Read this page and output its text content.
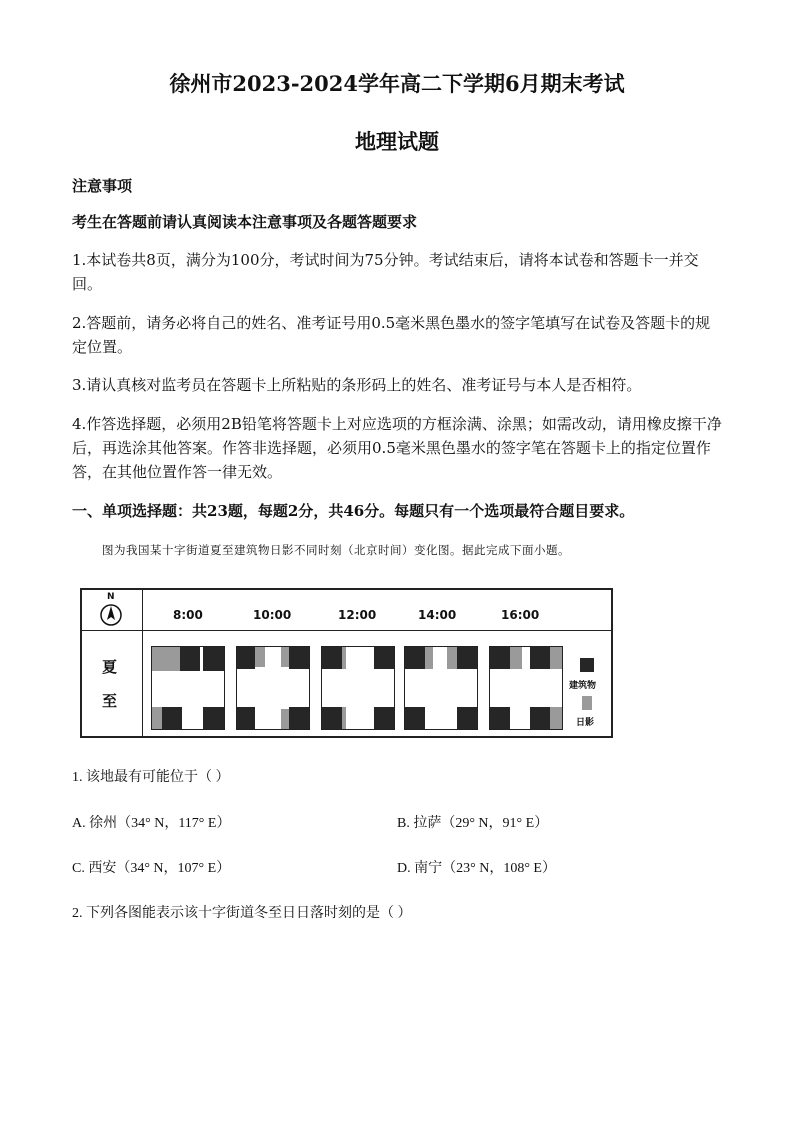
徐州市2023-2024学年高二下学期6月期末考试
地理试题
注意事项
考生在答题前请认真阅读本注意事项及各题答题要求
1.本试卷共8页，满分为100分，考试时间为75分钟。考试结束后，请将本试卷和答题卡一并交回。
2.答题前，请务必将自己的姓名、准考证号用0.5毫米黑色墨水的签字笔填写在试卷及答题卡的规定位置。
3.请认真核对监考员在答题卡上所粘贴的条形码上的姓名、准考证号与本人是否相符。
4.作答选择题，必须用2B铅笔将答题卡上对应选项的方框涂满、涂黑；如需改动，请用橡皮擦干净后，再选涂其他答案。作答非选择题，必须用0.5毫米黑色墨水的签字笔在答题卡上的指定位置作答，在其他位置作答一律无效。
一、单项选择题：共23题，每题2分，共46分。每题只有一个选项最符合题目要求。
图为我国某十字街道夏至建筑物日影不同时刻（北京时间）变化图。据此完成下面小题。
N
夏
至
8:00	10:00	12:00	14:00	16:00
建筑物
日影
1. 该地最有可能位于（ ）
A. 徐州（34° N，117° E）	B. 拉萨（29° N，91° E）
C. 西安（34° N，107° E）	D. 南宁（23° N，108° E）
2. 下列各图能表示该十字街道冬至日日落时刻的是（ ）
